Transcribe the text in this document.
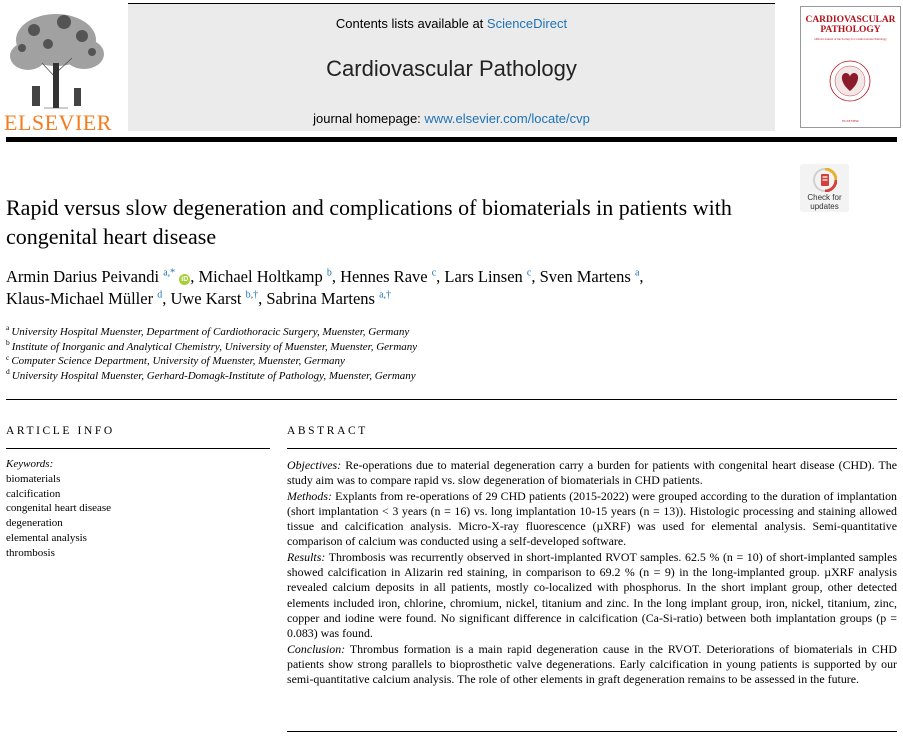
ELSEVIER
Contents lists available at ScienceDirect
Cardiovascular Pathology
journal homepage: www.elsevier.com/locate/cvp
CARDIOVASCULAR PATHOLOGY
Official Journal of the Society for Cardiovascular Pathology
ELSEVIER
Check for updates
Rapid versus slow degeneration and complications of biomaterials in patients with congenital heart disease
Armin Darius Peivandi $^{a,*}$ iD , Michael Holtkamp $^b$, Hennes Rave $^c$, Lars Linsen $^c$, Sven Martens $^a$,
Klaus-Michael Müller $^d$, Uwe Karst $^{b,\dagger}$, Sabrina Martens $^{a,\dagger}$
$^a$ University Hospital Muenster, Department of Cardiothoracic Surgery, Muenster, Germany
$^b$ Institute of Inorganic and Analytical Chemistry, University of Muenster, Muenster, Germany
$^c$ Computer Science Department, University of Muenster, Muenster, Germany
$^d$ University Hospital Muenster, Gerhard-Domagk-Institute of Pathology, Muenster, Germany
ARTICLE INFO
Keywords:
biomaterials
calcification
congenital heart disease
degeneration
elemental analysis
thrombosis
ABSTRACT

Objectives: Re-operations due to material degeneration carry a burden for patients with congenital heart disease (CHD). The study aim was to compare rapid vs. slow degeneration of biomaterials in CHD patients.

Methods: Explants from re-operations of 29 CHD patients (2015-2022) were grouped according to the duration of implantation (short implantation < 3 years (n = 16) vs. long implantation 10-15 years (n = 13)). Histologic processing and staining allowed tissue and calcification analysis. Micro-X-ray fluorescence (µXRF) was used for elemental analysis. Semi-quantitative comparison of calcium was conducted using a self-developed software.

Results: Thrombosis was recurrently observed in short-implanted RVOT samples. 62.5 % (n = 10) of short-implanted samples showed calcification in Alizarin red staining, in comparison to 69.2 % (n = 9) in the long-implanted group. µXRF analysis revealed calcium deposits in all patients, mostly co-localized with phosphorus. In the short implant group, other detected elements included iron, chlorine, chromium, nickel, titanium and zinc. In the long implant group, iron, nickel, titanium, zinc, copper and iodine were found. No significant difference in calcification (Ca-Si-ratio) between both implantation groups (p = 0.083) was found.

Conclusion: Thrombus formation is a main rapid degeneration cause in the RVOT. Deteriorations of biomaterials in CHD patients show strong parallels to bioprosthetic valve degenerations. Early calcification in young patients is supported by our semi-quantitative calcium analysis. The role of other elements in graft degeneration remains to be assessed in the future.
